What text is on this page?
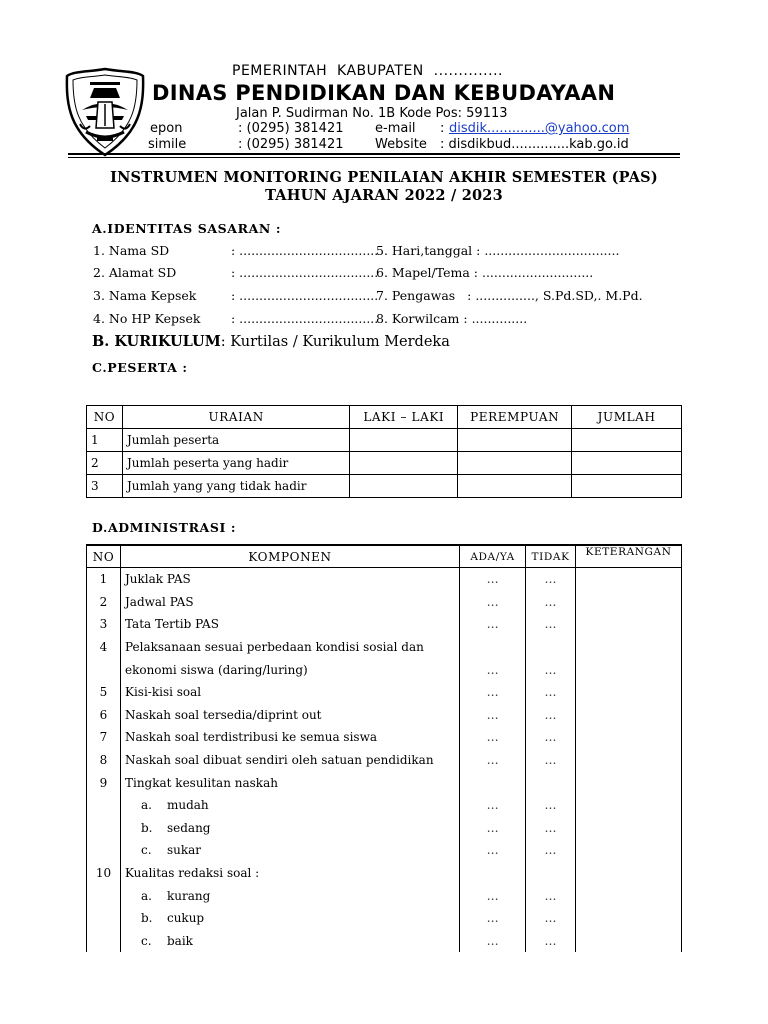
PEMERINTAH  KABUPATEN  ..............
DINAS PENDIDIKAN DAN KEBUDAYAAN
Jalan P. Sudirman No. 1B Kode Pos: 59113
epon	: (0295) 381421 e-mail : disdik..............@yahoo.com
simile	: (0295) 381421 Website : disdikbud..............kab.go.id
INSTRUMEN MONITORING PENILAIAN AKHIR SEMESTER (PAS)
TAHUN AJARAN 2022 / 2023
A.IDENTITAS SASARAN :
1. Nama SD	: ...................................
5. Hari,tanggal : ..................................
2. Alamat SD	: ...................................
6. Mapel/Tema : ............................
3. Nama Kepsek	: ...................................
7. Pengawas   : ..............., S.Pd.SD,. M.Pd.
4. No HP Kepsek : ...................................
8. Korwilcam : ..............
B. KURIKULUM: Kurtilas / Kurikulum Merdeka
C.PESERTA :
NO	URAIAN	LAKI – LAKI	PEREMPUAN	JUMLAH
1	Jumlah peserta			
2	Jumlah peserta yang hadir			
3	Jumlah yang yang tidak hadir			
D.ADMINISTRASI :
NO	KOMPONEN	ADA/YA	TIDAK	KETERANGAN
1	Juklak PAS	…	…	
2	Jadwal PAS	…	…	
3	Tata Tertib PAS	…	…	
4	Pelaksanaan sesuai perbedaan kondisi sosial dan			
	ekonomi siswa (daring/luring)	…	…	
5	Kisi-kisi soal	…	…	
6	Naskah soal tersedia/diprint out	…	…	
7	Naskah soal terdistribusi ke semua siswa	…	…	
8	Naskah soal dibuat sendiri oleh satuan pendidikan	…	…	
9	Tingkat kesulitan naskah			
	a. mudah	…	…	
	b. sedang	…	…	
	c. sukar	…	…	
10	Kualitas redaksi soal :			
	a. kurang	…	…	
	b. cukup	…	…	
	c. baik	…	…	
